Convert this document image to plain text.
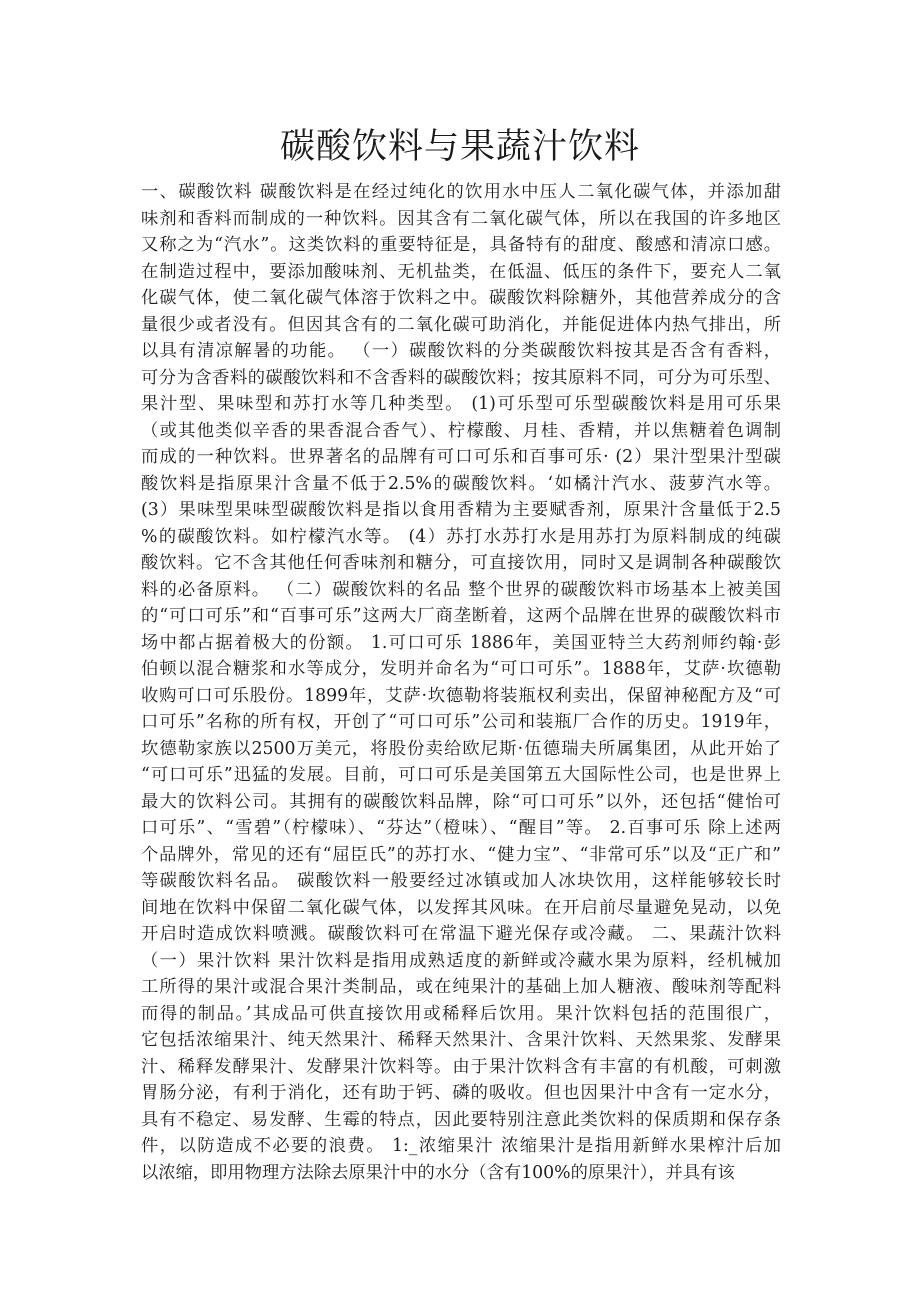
碳酸饮料与果蔬汁饮料
一、碳酸饮料 碳酸饮料是在经过纯化的饮用水中压人二氧化碳气体，并添加甜
味剂和香料而制成的一种饮料。因其含有二氧化碳气体，所以在我国的许多地区
又称之为“汽水”。这类饮料的重要特征是，具备特有的甜度、酸感和清凉口感。
在制造过程中，要添加酸味剂、无机盐类，在低温、低压的条件下，要充人二氧
化碳气体，使二氧化碳气体溶于饮料之中。碳酸饮料除糖外，其他营养成分的含
量很少或者没有。但因其含有的二氧化碳可助消化，并能促进体内热气排出，所
以具有清凉解暑的功能。 （一）碳酸饮料的分类碳酸饮料按其是否含有香料，
可分为含香料的碳酸饮料和不含香料的碳酸饮料；按其原料不同，可分为可乐型、
果汁型、果味型和苏打水等几种类型。 (1)可乐型可乐型碳酸饮料是用可乐果
（或其他类似辛香的果香混合香气）、柠檬酸、月桂、香精，并以焦糖着色调制
而成的一种饮料。世界著名的品牌有可口可乐和百事可乐· (2）果汁型果汁型碳
酸饮料是指原果汁含量不低于2.5%的碳酸饮料。‘如橘汁汽水、菠萝汽水等。
(3）果味型果味型碳酸饮料是指以食用香精为主要赋香剂，原果汁含量低于2.5
%的碳酸饮料。如柠檬汽水等。 (4）苏打水苏打水是用苏打为原料制成的纯碳
酸饮料。它不含其他任何香味剂和糖分，可直接饮用，同时又是调制各种碳酸饮
料的必备原料。 （二）碳酸饮料的名品 整个世界的碳酸饮料市场基本上被美国
的“可口可乐”和“百事可乐”这两大厂商垄断着，这两个品牌在世界的碳酸饮料市
场中都占据着极大的份额。 1.可口可乐 1886年，美国亚特兰大药剂师约翰·彭
伯顿以混合糖浆和水等成分，发明并命名为“可口可乐”。1888年，艾萨·坎德勒
收购可口可乐股份。1899年，艾萨·坎德勒将装瓶权利卖出，保留神秘配方及“可
口可乐”名称的所有权，开创了“可口可乐”公司和装瓶厂合作的历史。1919年，
坎德勒家族以2500万美元，将股份卖给欧尼斯·伍德瑞夫所属集团，从此开始了
“可口可乐”迅猛的发展。目前，可口可乐是美国第五大国际性公司，也是世界上
最大的饮料公司。其拥有的碳酸饮料品牌，除“可口可乐”以外，还包括“健怡可
口可乐”、“雪碧”（柠檬味）、“芬达”（橙味）、“醒目”等。 2.百事可乐 除上述两
个品牌外，常见的还有“屈臣氏”的苏打水、“健力宝”、“非常可乐”以及“正广和”
等碳酸饮料名品。 碳酸饮料一般要经过冰镇或加人冰块饮用，这样能够较长时
间地在饮料中保留二氧化碳气体，以发挥其风味。在开启前尽量避免晃动，以免
开启时造成饮料喷溅。碳酸饮料可在常温下避光保存或冷藏。 二、果蔬汁饮料
（一）果汁饮料 果汁饮料是指用成熟适度的新鲜或冷藏水果为原料，经机械加
工所得的果汁或混合果汁类制品，或在纯果汁的基础上加人糖液、酸味剂等配料
而得的制品。’其成品可供直接饮用或稀释后饮用。果汁饮料包括的范围很广，
它包括浓缩果汁、纯天然果汁、稀释天然果汁、含果汁饮料、天然果浆、发酵果
汁、稀释发酵果汁、发酵果汁饮料等。由于果汁饮料含有丰富的有机酸，可刺激
胃肠分泌，有利于消化，还有助于钙、磷的吸收。但也因果汁中含有一定水分，
具有不稳定、易发酵、生霉的特点，因此要特别注意此类饮料的保质期和保存条
件，以防造成不必要的浪费。 1:_浓缩果汁 浓缩果汁是指用新鲜水果榨汁后加
以浓缩，即用物理方法除去原果汁中的水分（含有100%的原果汁），并具有该
